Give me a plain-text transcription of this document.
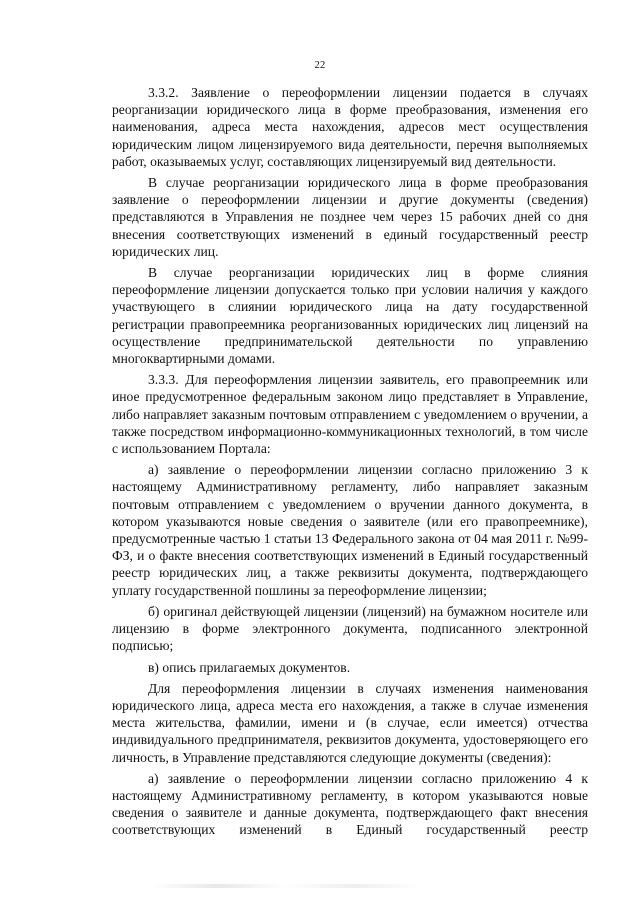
22

3.3.2. Заявление о переоформлении лицензии подается в случаях реорганизации юридического лица в форме преобразования, изменения его наименования, адреса места нахождения, адресов мест осуществления юридическим лицом лицензируемого вида деятельности, перечня выполняемых работ, оказываемых услуг, составляющих лицензируемый вид деятельности.

В случае реорганизации юридического лица в форме преобразования заявление о переоформлении лицензии и другие документы (сведения) представляются в Управления не позднее чем через 15 рабочих дней со дня внесения соответствующих изменений в единый государственный реестр юридических лиц.

В случае реорганизации юридических лиц в форме слияния переоформление лицензии допускается только при условии наличия у каждого участвующего в слиянии юридического лица на дату государственной регистрации правопреемника реорганизованных юридических лиц лицензий на осуществление предпринимательской деятельности по управлению многоквартирными домами.

3.3.3. Для переоформления лицензии заявитель, его правопреемник или иное предусмотренное федеральным законом лицо представляет в Управление, либо направляет заказным почтовым отправлением с уведомлением о вручении, а также посредством информационно-коммуникационных технологий, в том числе с использованием Портала:

а) заявление о переоформлении лицензии согласно приложению 3 к настоящему Административному регламенту, либо направляет заказным почтовым отправлением с уведомлением о вручении данного документа, в котором указываются новые сведения о заявителе (или его правопреемнике), предусмотренные частью 1 статьи 13 Федерального закона от 04 мая 2011 г. №99-ФЗ, и о факте внесения соответствующих изменений в Единый государственный реестр юридических лиц, а также реквизиты документа, подтверждающего уплату государственной пошлины за переоформление лицензии;

б) оригинал действующей лицензии (лицензий) на бумажном носителе или лицензию в форме электронного документа, подписанного электронной подписью;

в) опись прилагаемых документов.

Для переоформления лицензии в случаях изменения наименования юридического лица, адреса места его нахождения, а также в случае изменения места жительства, фамилии, имени и (в случае, если имеется) отчества индивидуального предпринимателя, реквизитов документа, удостоверяющего его личность, в Управление представляются следующие документы (сведения):

а) заявление о переоформлении лицензии согласно приложению 4 к настоящему Административному регламенту, в котором указываются новые сведения о заявителе и данные документа, подтверждающего факт внесения соответствующих изменений в Единый государственный реестр
